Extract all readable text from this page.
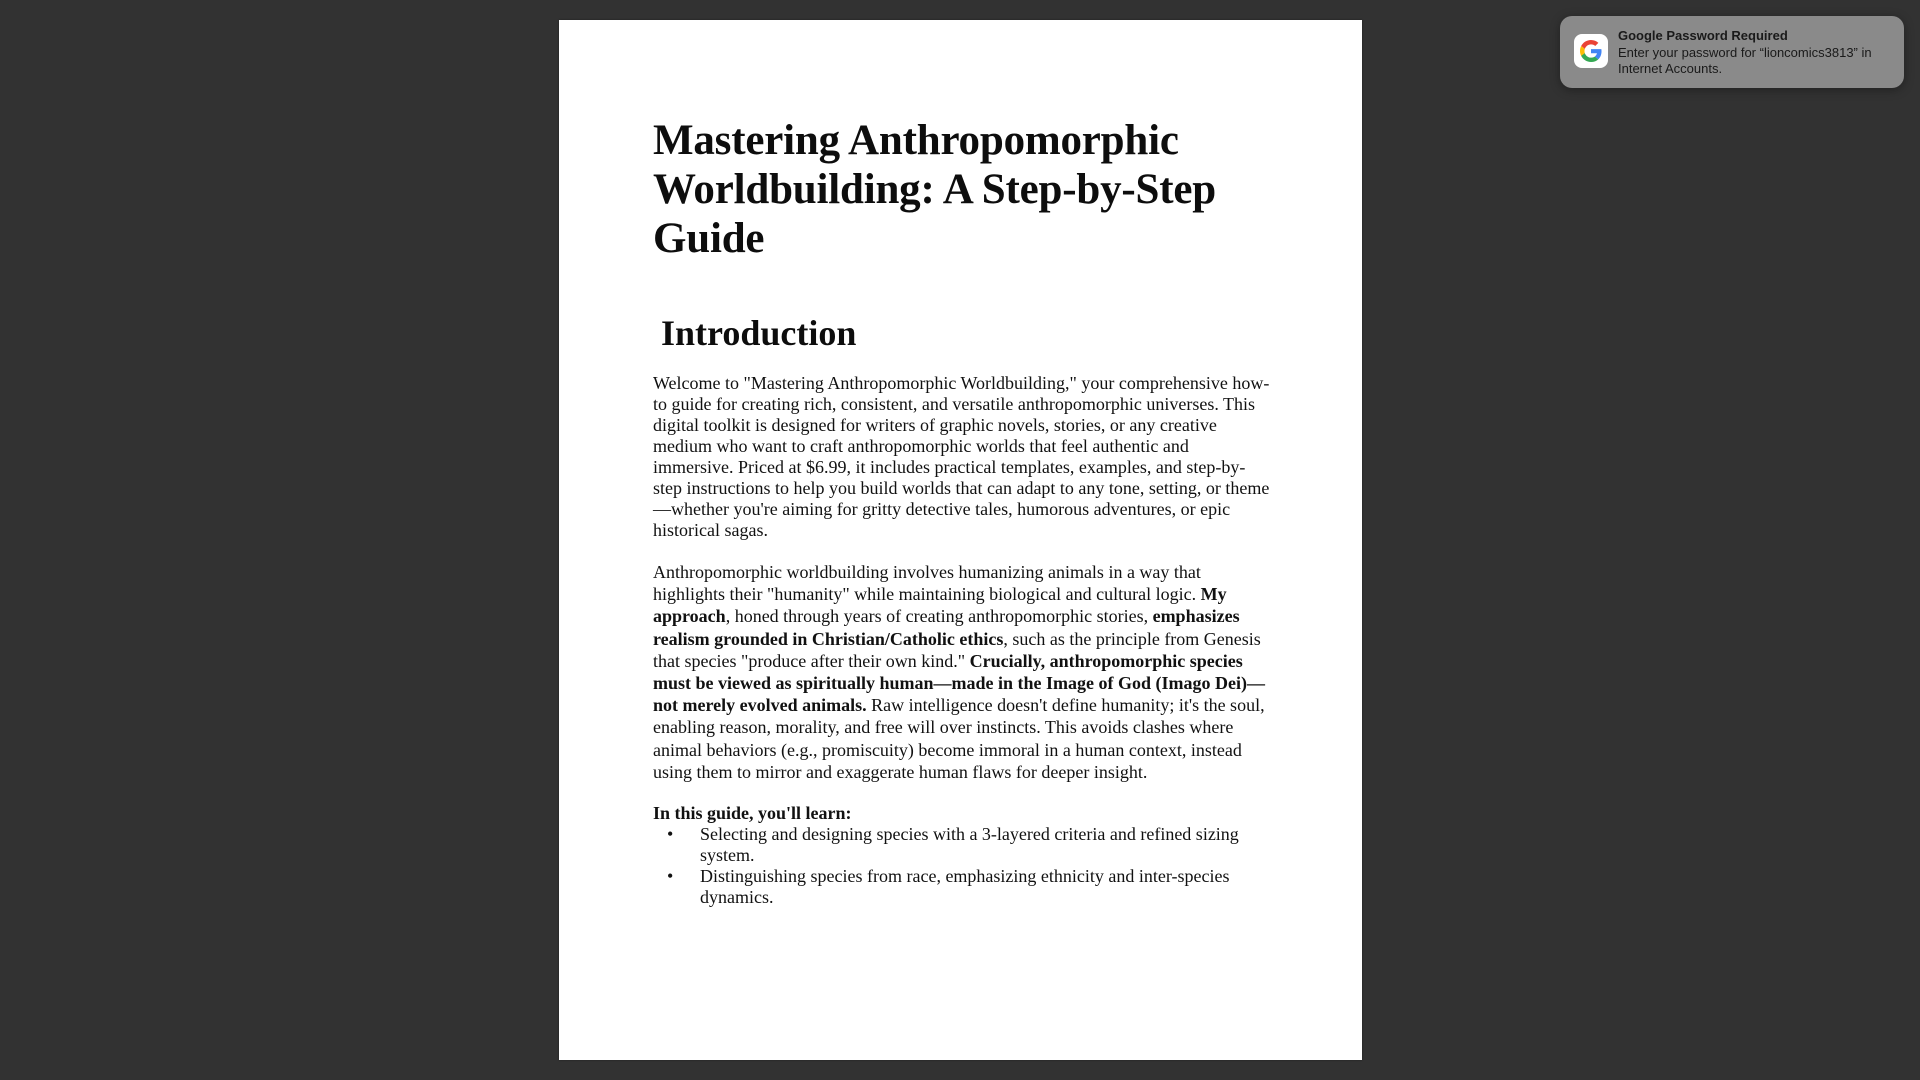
Mastering Anthropomorphic Worldbuilding: A Step-by-Step Guide
Introduction

Welcome to "Mastering Anthropomorphic Worldbuilding," your comprehensive how-to guide for creating rich, consistent, and versatile anthropomorphic universes. This digital toolkit is designed for writers of graphic novels, stories, or any creative medium who want to craft anthropomorphic worlds that feel authentic and immersive. Priced at $6.99, it includes practical templates, examples, and step-by-step instructions to help you build worlds that can adapt to any tone, setting, or theme—whether you're aiming for gritty detective tales, humorous adventures, or epic historical sagas.

Anthropomorphic worldbuilding involves humanizing animals in a way that highlights their "humanity" while maintaining biological and cultural logic. My approach, honed through years of creating anthropomorphic stories, emphasizes realism grounded in Christian/Catholic ethics, such as the principle from Genesis that species "produce after their own kind." Crucially, anthropomorphic species must be viewed as spiritually human—made in the Image of God (Imago Dei)—not merely evolved animals. Raw intelligence doesn't define humanity; it's the soul, enabling reason, morality, and free will over instincts. This avoids clashes where animal behaviors (e.g., promiscuity) become immoral in a human context, instead using them to mirror and exaggerate human flaws for deeper insight.

In this guide, you'll learn:

• Selecting and designing species with a 3-layered criteria and refined sizing system.
• Distinguishing species from race, emphasizing ethnicity and inter-species dynamics.
Google Password Required
Enter your password for “lioncomics3813” in Internet Accounts.
